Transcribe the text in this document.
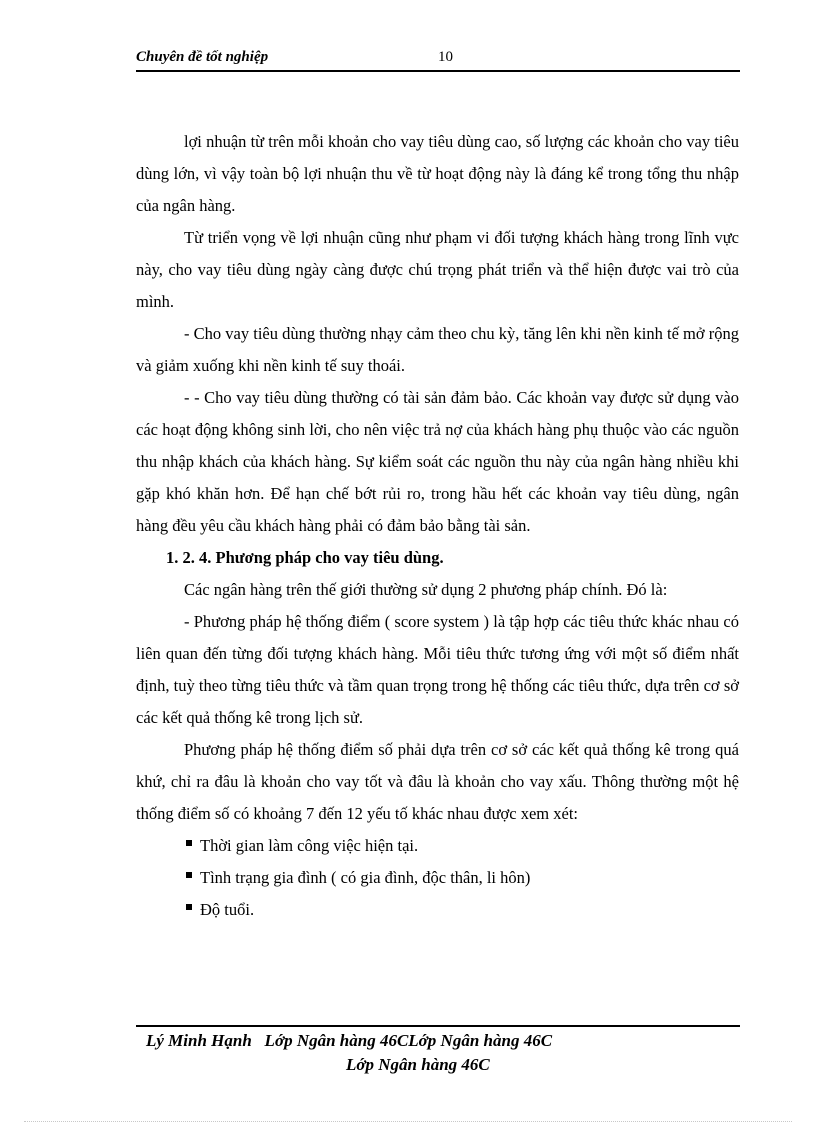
Chuyên đề tốt nghiệp	10

lợi nhuận từ trên mỗi khoản cho vay tiêu dùng cao, số lượng các khoản cho vay tiêu dùng lớn, vì vậy toàn bộ lợi nhuận thu về từ hoạt động này là đáng kể trong tổng thu nhập của ngân hàng.

Từ triển vọng về lợi nhuận cũng như phạm vi đối tượng khách hàng trong lĩnh vực này, cho vay tiêu dùng ngày càng được chú trọng phát triển và thể hiện được vai trò của mình.

- Cho vay tiêu dùng thường nhạy cảm theo chu kỳ, tăng lên khi nền kinh tế mở rộng và giảm xuống khi nền kinh tế suy thoái.

- - Cho vay tiêu dùng thường có tài sản đảm bảo. Các khoản vay được sử dụng vào các hoạt động không sinh lời, cho nên việc trả nợ của khách hàng phụ thuộc vào các nguồn thu nhập khách của khách hàng. Sự kiểm soát các nguồn thu này của ngân hàng nhiều khi gặp khó khăn hơn. Để hạn chế bớt rủi ro, trong hầu hết các khoản vay tiêu dùng, ngân hàng đều yêu cầu khách hàng phải có đảm bảo bằng tài sản.

1. 2. 4. Phương pháp cho vay tiêu dùng.

Các ngân hàng trên thế giới thường sử dụng 2 phương pháp chính. Đó là:

- Phương pháp hệ thống điểm ( score system ) là tập hợp các tiêu thức khác nhau có liên quan đến từng đối tượng khách hàng. Mỗi tiêu thức tương ứng với một số điểm nhất định, tuỳ theo từng tiêu thức và tầm quan trọng trong hệ thống các tiêu thức, dựa trên cơ sở các kết quả thống kê trong lịch sử.

Phương pháp hệ thống điểm số phải dựa trên cơ sở các kết quả thống kê trong quá khứ, chỉ ra đâu là khoản cho vay tốt và đâu là khoản cho vay xấu. Thông thường một hệ thống điểm số có khoảng 7 đến 12 yếu tố khác nhau được xem xét:

Thời gian làm công việc hiện tại.
Tình trạng gia đình ( có gia đình, độc thân, li hôn)
Độ tuổi.
Lý Minh Hạnh   Lớp Ngân hàng 46CLớp Ngân hàng 46C
Lớp Ngân hàng 46C
